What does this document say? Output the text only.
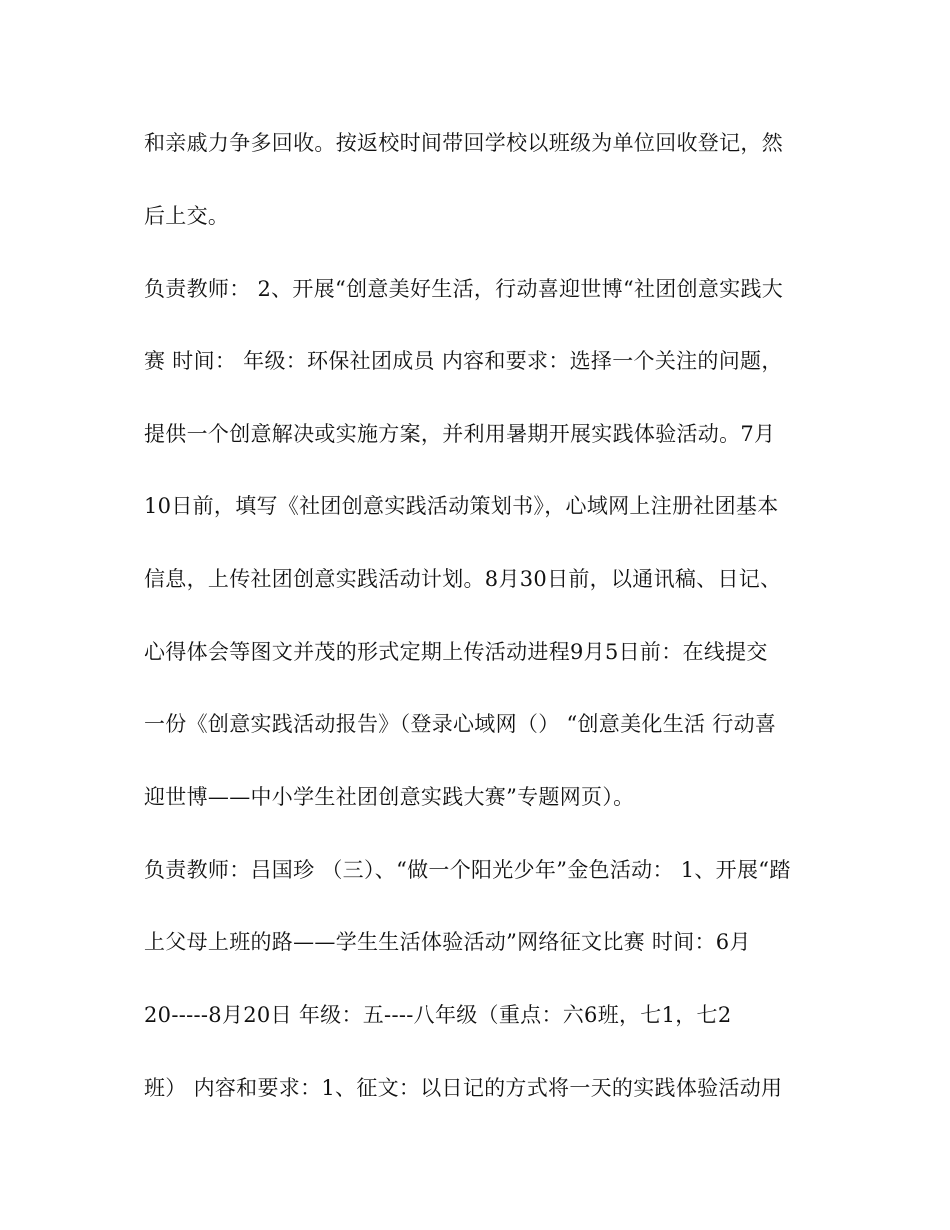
和亲戚力争多回收。按返校时间带回学校以班级为单位回收登记，然
后上交。
负责教师： 2、开展“创意美好生活，行动喜迎世博“社团创意实践大
赛 时间： 年级：环保社团成员 内容和要求：选择一个关注的问题，
提供一个创意解决或实施方案，并利用暑期开展实践体验活动。7月
10日前，填写《社团创意实践活动策划书》，心域网上注册社团基本
信息，上传社团创意实践活动计划。8月30日前，以通讯稿、日记、
心得体会等图文并茂的形式定期上传活动进程9月5日前：在线提交
一份《创意实践活动报告》（登录心域网（） “创意美化生活 行动喜
迎世博——中小学生社团创意实践大赛”专题网页）。
负责教师：吕国珍 （三）、“做一个阳光少年”金色活动： 1、开展“踏
上父母上班的路——学生生活体验活动”网络征文比赛 时间：6月
20-----8月20日 年级：五----八年级（重点：六6班，七1，七2
班） 内容和要求：1、征文：以日记的方式将一天的实践体验活动用
